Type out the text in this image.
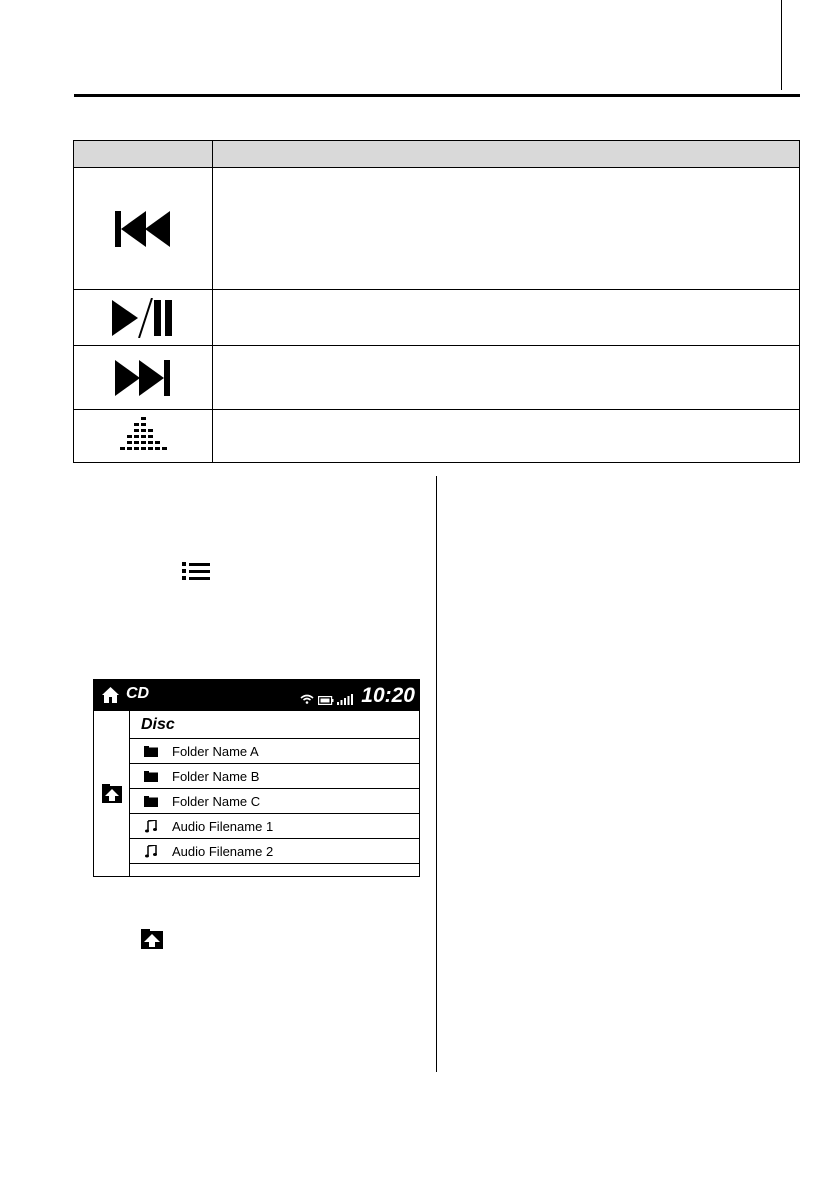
CD	10:20
Disc
Folder Name A
Folder Name B
Folder Name C
Audio Filename 1
Audio Filename 2
